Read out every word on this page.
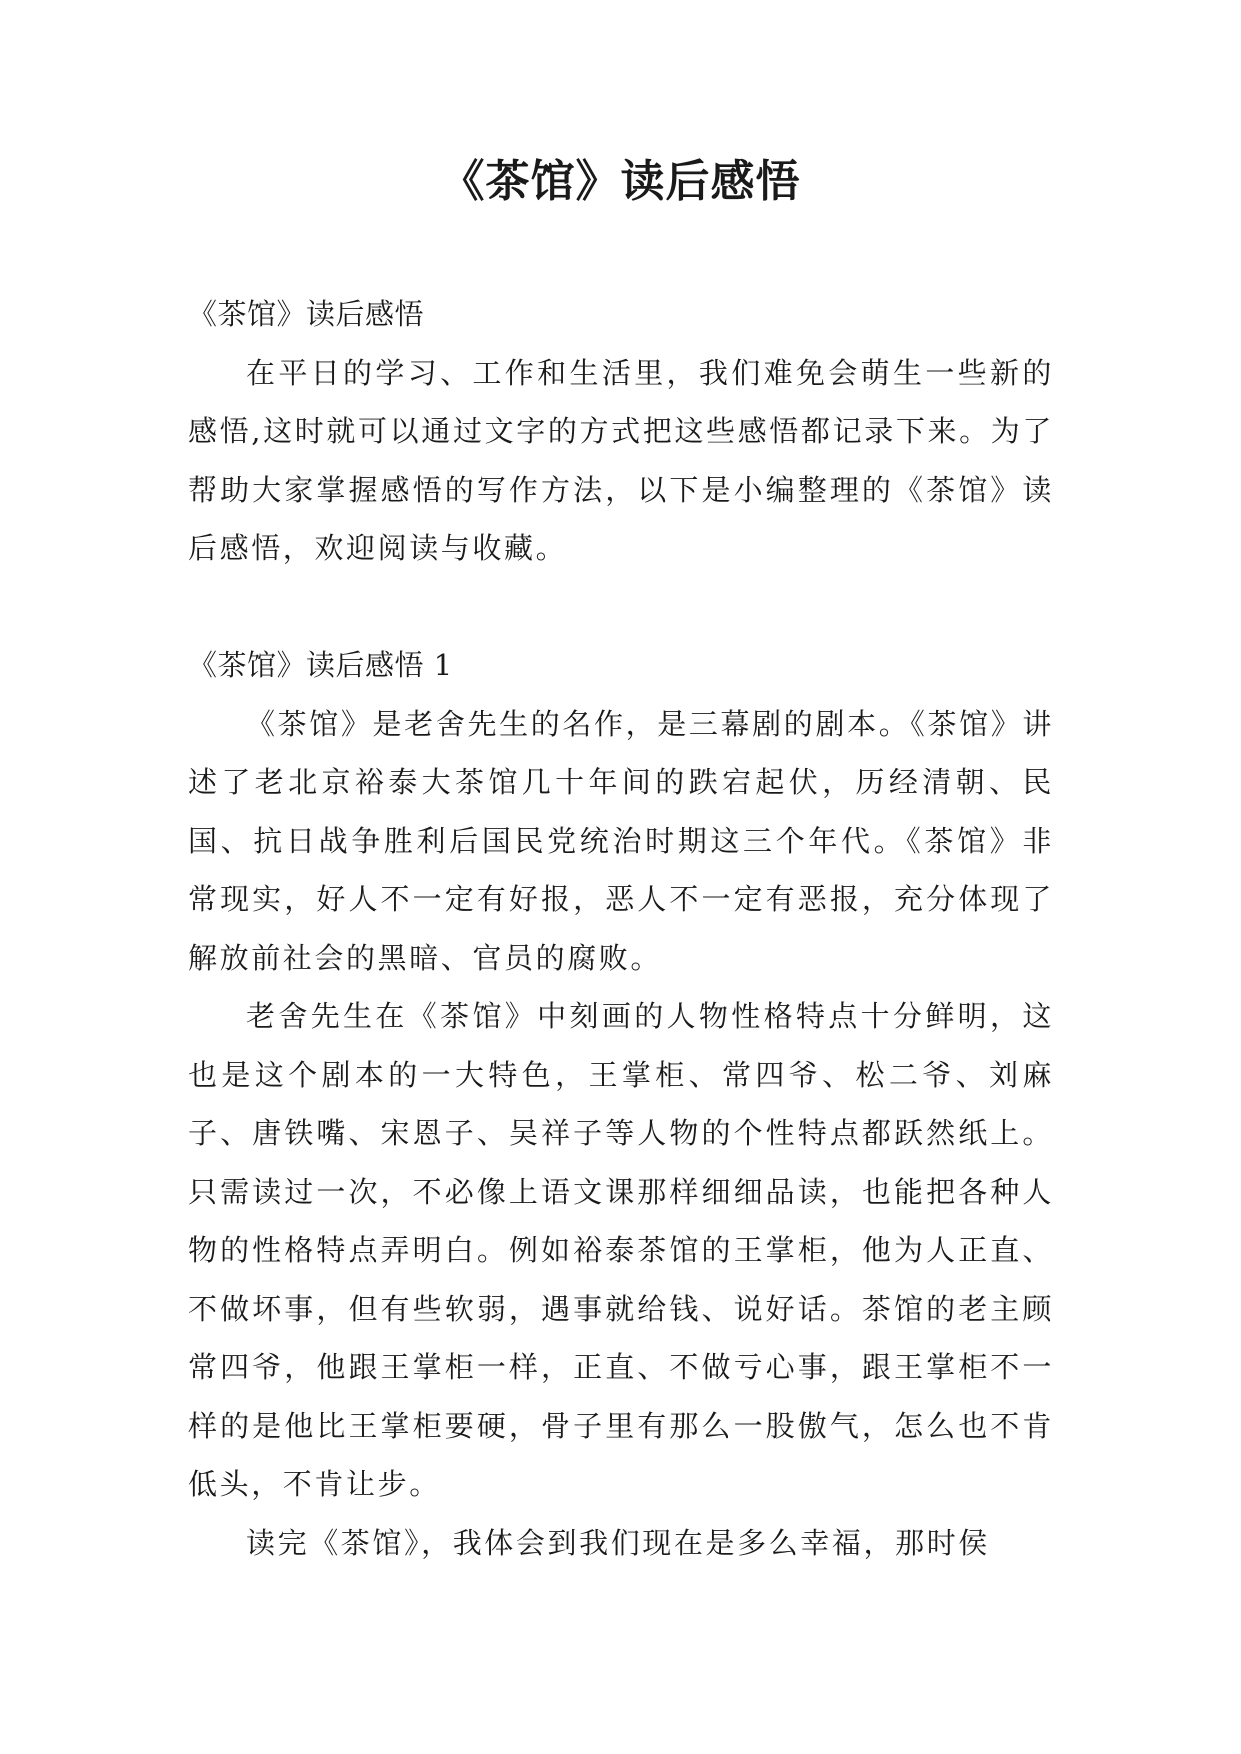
《茶馆》读后感悟

《茶馆》读后感悟

在平日的学习、工作和生活里，我们难免会萌生一些新的感悟,这时就可以通过文字的方式把这些感悟都记录下来。为了帮助大家掌握感悟的写作方法，以下是小编整理的《茶馆》读后感悟，欢迎阅读与收藏。

《茶馆》读后感悟 1

《茶馆》是老舍先生的名作，是三幕剧的剧本。《茶馆》讲述了老北京裕泰大茶馆几十年间的跌宕起伏，历经清朝、民国、抗日战争胜利后国民党统治时期这三个年代。《茶馆》非常现实，好人不一定有好报，恶人不一定有恶报，充分体现了解放前社会的黑暗、官员的腐败。

老舍先生在《茶馆》中刻画的人物性格特点十分鲜明，这也是这个剧本的一大特色，王掌柜、常四爷、松二爷、刘麻子、唐铁嘴、宋恩子、吴祥子等人物的个性特点都跃然纸上。只需读过一次，不必像上语文课那样细细品读，也能把各种人物的性格特点弄明白。例如裕泰茶馆的王掌柜，他为人正直、不做坏事，但有些软弱，遇事就给钱、说好话。茶馆的老主顾常四爷，他跟王掌柜一样，正直、不做亏心事，跟王掌柜不一样的是他比王掌柜要硬，骨子里有那么一股傲气，怎么也不肯低头，不肯让步。

读完《茶馆》，我体会到我们现在是多么幸福，那时侯
